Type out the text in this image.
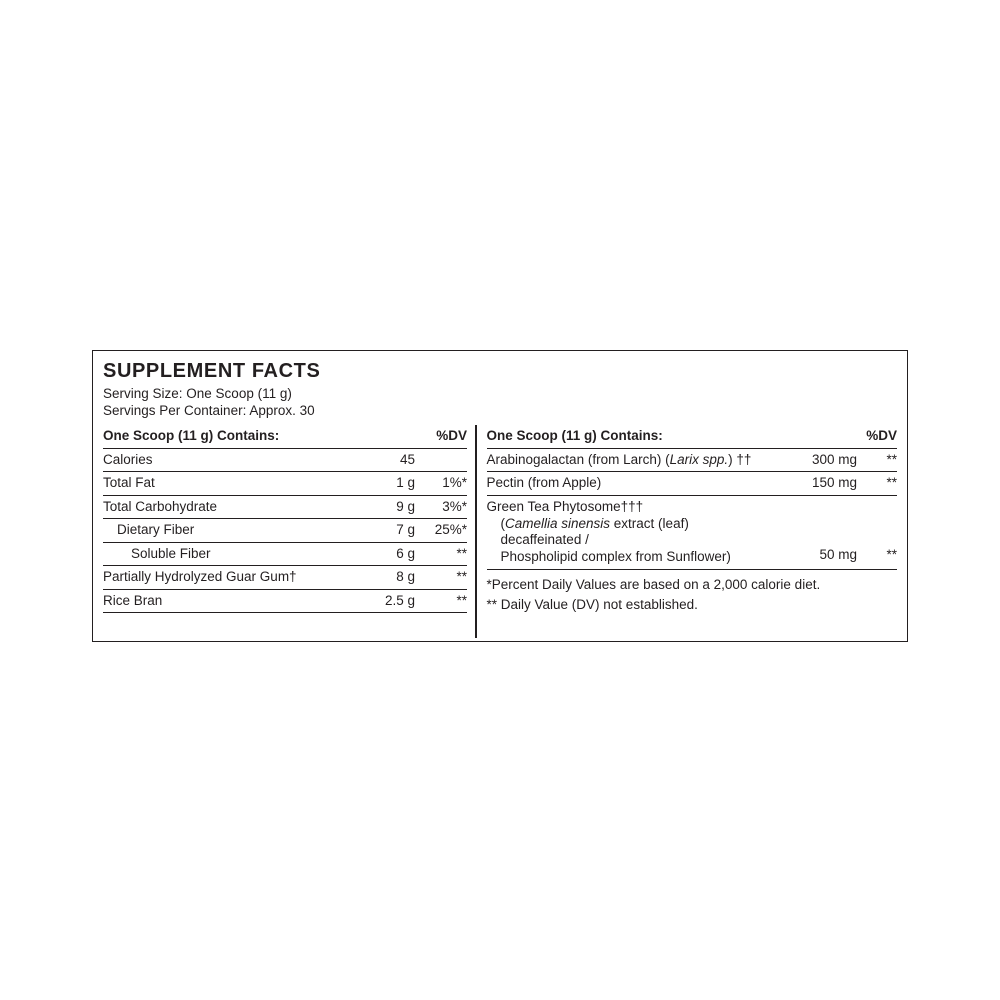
SUPPLEMENT FACTS
Serving Size: One Scoop (11 g)
Servings Per Container: Approx. 30
One Scoop (11 g) Contains:		%DV
Calories	45	
Total Fat	1 g	1%*
Total Carbohydrate	9 g	3%*
Dietary Fiber	7 g	25%*
Soluble Fiber	6 g	**
Partially Hydrolyzed Guar Gum†	8 g	**
Rice Bran	2.5 g	**
One Scoop (11 g) Contains:		%DV
Arabinogalactan (from Larch) (Larix spp.) ††	300 mg	**
Pectin (from Apple)	150 mg	**

Green Tea Phytosome†††
(Camellia sinensis extract (leaf) decaffeinated /
Phospholipid complex from Sunflower)	50 mg	**
*Percent Daily Values are based on a 2,000 calorie diet.
** Daily Value (DV) not established.
